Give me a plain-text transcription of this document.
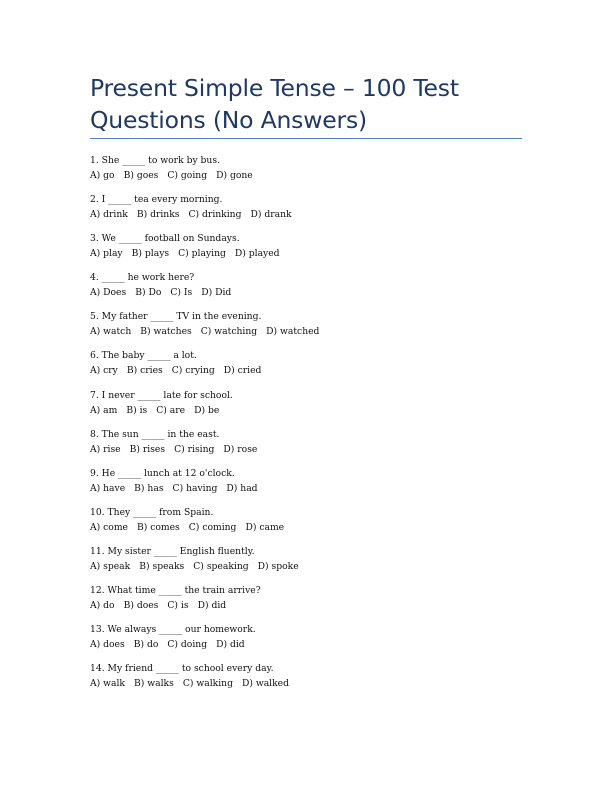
Present Simple Tense – 100 Test
Questions (No Answers)
1. She _____ to work by bus.
A) go B) goes C) going D) gone
2. I _____ tea every morning.
A) drink B) drinks C) drinking D) drank
3. We _____ football on Sundays.
A) play B) plays C) playing D) played
4. _____ he work here?
A) Does B) Do C) Is D) Did
5. My father _____ TV in the evening.
A) watch B) watches C) watching D) watched
6. The baby _____ a lot.
A) cry B) cries C) crying D) cried
7. I never _____ late for school.
A) am B) is C) are D) be
8. The sun _____ in the east.
A) rise B) rises C) rising D) rose
9. He _____ lunch at 12 o'clock.
A) have B) has C) having D) had
10. They _____ from Spain.
A) come B) comes C) coming D) came
11. My sister _____ English fluently.
A) speak B) speaks C) speaking D) spoke
12. What time _____ the train arrive?
A) do B) does C) is D) did
13. We always _____ our homework.
A) does B) do C) doing D) did
14. My friend _____ to school every day.
A) walk B) walks C) walking D) walked
